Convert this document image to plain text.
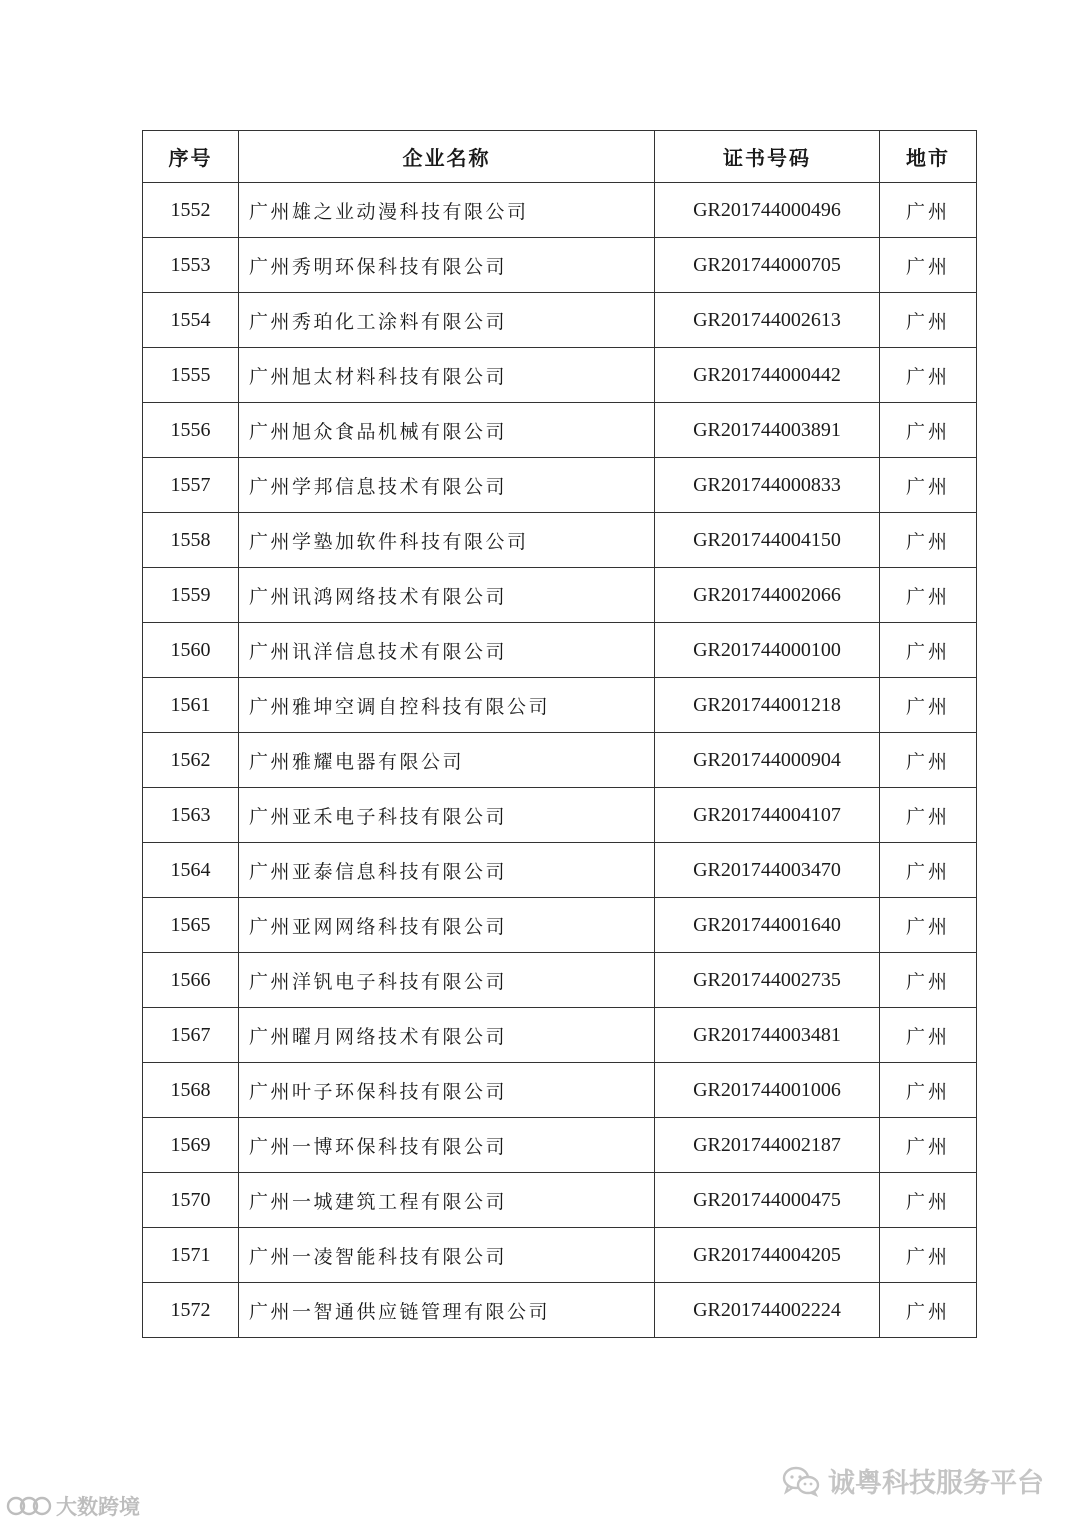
序号	企业名称	证书号码	地市
1552	广州雄之业动漫科技有限公司	GR201744000496	广州
1553	广州秀明环保科技有限公司	GR201744000705	广州
1554	广州秀珀化工涂料有限公司	GR201744002613	广州
1555	广州旭太材料科技有限公司	GR201744000442	广州
1556	广州旭众食品机械有限公司	GR201744003891	广州
1557	广州学邦信息技术有限公司	GR201744000833	广州
1558	广州学塾加软件科技有限公司	GR201744004150	广州
1559	广州讯鸿网络技术有限公司	GR201744002066	广州
1560	广州讯洋信息技术有限公司	GR201744000100	广州
1561	广州雅坤空调自控科技有限公司	GR201744001218	广州
1562	广州雅耀电器有限公司	GR201744000904	广州
1563	广州亚禾电子科技有限公司	GR201744004107	广州
1564	广州亚泰信息科技有限公司	GR201744003470	广州
1565	广州亚网网络科技有限公司	GR201744001640	广州
1566	广州洋钒电子科技有限公司	GR201744002735	广州
1567	广州曜月网络技术有限公司	GR201744003481	广州
1568	广州叶子环保科技有限公司	GR201744001006	广州
1569	广州一博环保科技有限公司	GR201744002187	广州
1570	广州一城建筑工程有限公司	GR201744000475	广州
1571	广州一凌智能科技有限公司	GR201744004205	广州
1572	广州一智通供应链管理有限公司	GR201744002224	广州
诚粤科技服务平台
大数跨境
